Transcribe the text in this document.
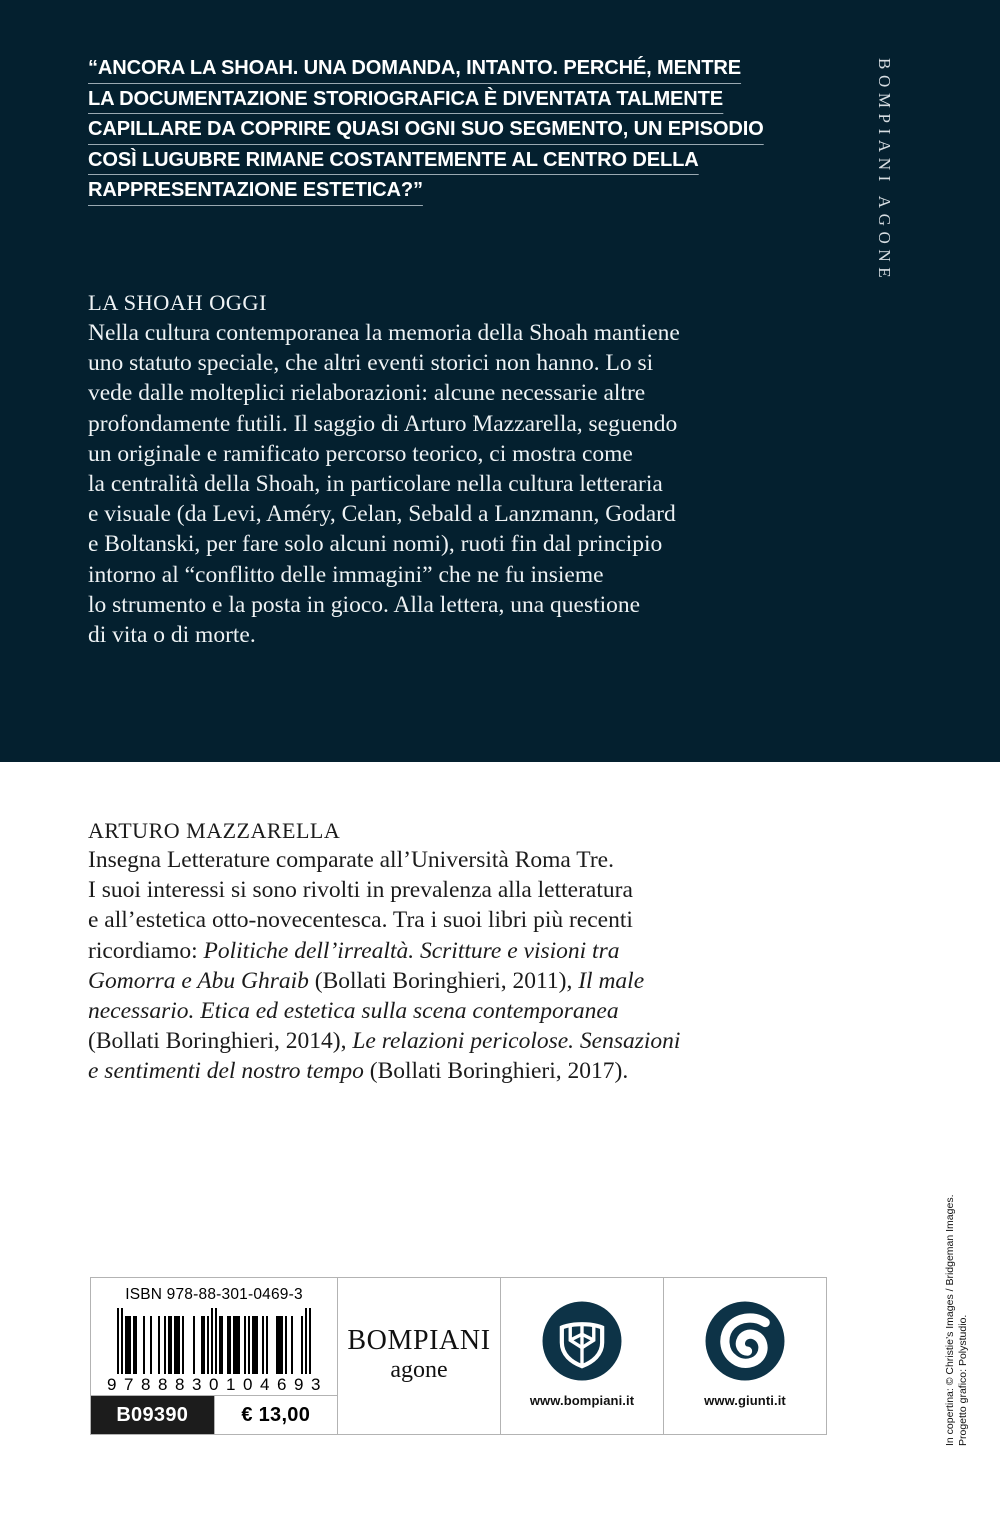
“ANCORA LA SHOAH. UNA DOMANDA, INTANTO. PERCHÉ, MENTRE
LA DOCUMENTAZIONE STORIOGRAFICA È DIVENTATA TALMENTE
CAPILLARE DA COPRIRE QUASI OGNI SUO SEGMENTO, UN EPISODIO
COSÌ LUGUBRE RIMANE COSTANTEMENTE AL CENTRO DELLA
RAPPRESENTAZIONE ESTETICA?”	BOMPIANI AGONE
LA SHOAH OGGI
Nella cultura contemporanea la memoria della Shoah mantiene
uno statuto speciale, che altri eventi storici non hanno. Lo si
vede dalle molteplici rielaborazioni: alcune necessarie altre
profondamente futili. Il saggio di Arturo Mazzarella, seguendo
un originale e ramificato percorso teorico, ci mostra come
la centralità della Shoah, in particolare nella cultura letteraria
e visuale (da Levi, Améry, Celan, Sebald a Lanzmann, Godard
e Boltanski, per fare solo alcuni nomi), ruoti fin dal principio
intorno al “conflitto delle immagini” che ne fu insieme
lo strumento e la posta in gioco. Alla lettera, una questione
di vita o di morte.
ARTURO MAZZARELLA
Insegna Letterature comparate all’Università Roma Tre.
I suoi interessi si sono rivolti in prevalenza alla letteratura
e all’estetica otto-novecentesca. Tra i suoi libri più recenti
ricordiamo: Politiche dell’irrealtà. Scritture e visioni tra
Gomorra e Abu Ghraib (Bollati Boringhieri, 2011), Il male
necessario. Etica ed estetica sulla scena contemporanea
(Bollati Boringhieri, 2014), Le relazioni pericolose. Sensazioni
e sentimenti del nostro tempo (Bollati Boringhieri, 2017).
In copertina: © Christie’s Images / Bridgeman Images. Progetto grafico: Polystudio.
ISBN 978-88-301-0469-3
9 7 8 8 8 3 0 1 0 4 6 9 3
B09390	€ 13,00
BOMPIANI
agone
www.bompiani.it	www.giunti.it
